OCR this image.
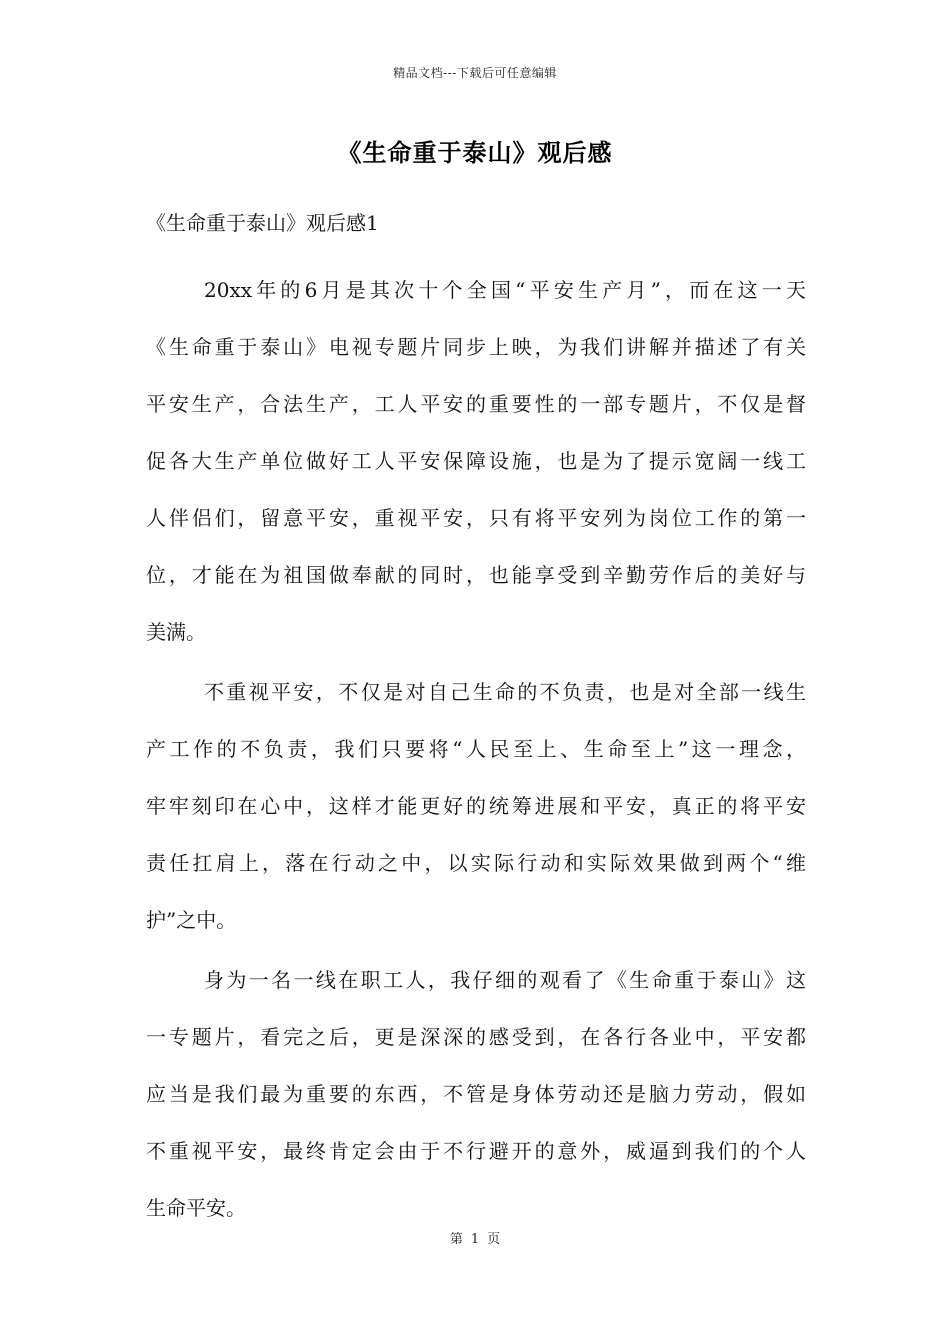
精品文档---下载后可任意编辑
《生命重于泰山》观后感
《生命重于泰山》观后感1
20xx年的6月是其次十个全国“平安生产月”，而在这一天
《生命重于泰山》电视专题片同步上映，为我们讲解并描述了有关
平安生产，合法生产，工人平安的重要性的一部专题片，不仅是督
促各大生产单位做好工人平安保障设施，也是为了提示宽阔一线工
人伴侣们，留意平安，重视平安，只有将平安列为岗位工作的第一
位，才能在为祖国做奉献的同时，也能享受到辛勤劳作后的美好与
美满。
不重视平安，不仅是对自己生命的不负责，也是对全部一线生
产工作的不负责，我们只要将“人民至上、生命至上”这一理念，
牢牢刻印在心中，这样才能更好的统筹进展和平安，真正的将平安
责任扛肩上，落在行动之中，以实际行动和实际效果做到两个“维
护”之中。
身为一名一线在职工人，我仔细的观看了《生命重于泰山》这
一专题片，看完之后，更是深深的感受到，在各行各业中，平安都
应当是我们最为重要的东西，不管是身体劳动还是脑力劳动，假如
不重视平安，最终肯定会由于不行避开的意外，威逼到我们的个人
生命平安。
第 1 页
